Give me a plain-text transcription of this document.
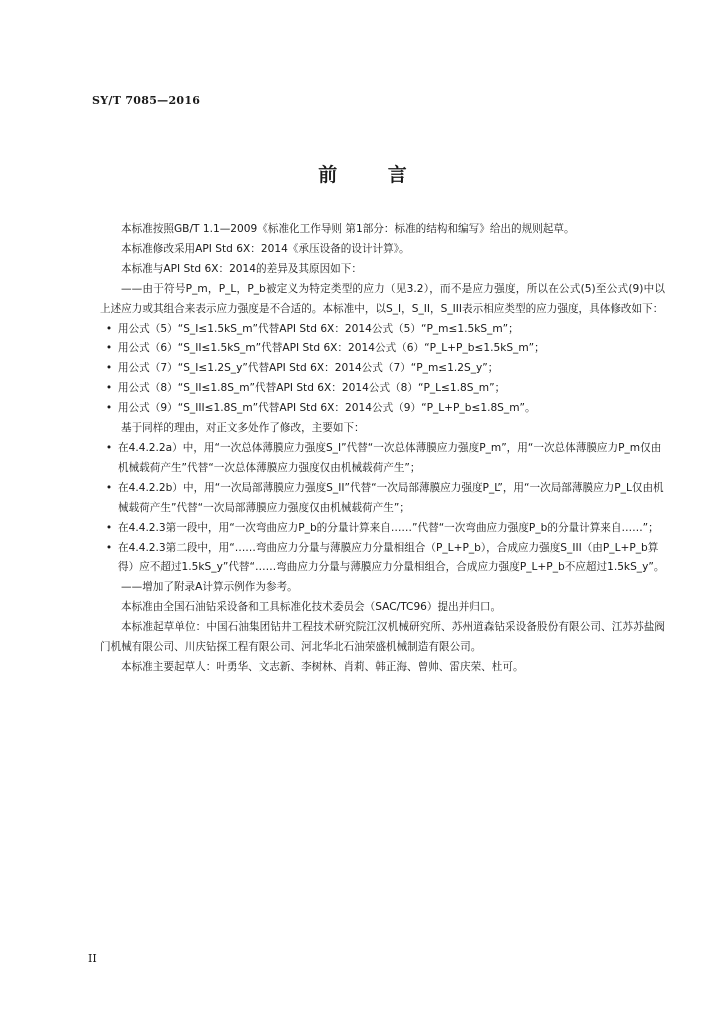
SY/T 7085—2016
前 言

本标准按照GB/T 1.1—2009《标准化工作导则 第1部分：标准的结构和编写》给出的规则起草。

本标准修改采用API Std 6X：2014《承压设备的设计计算》。

本标准与API Std 6X：2014的差异及其原因如下：

——由于符号P_m，P_L，P_b被定义为特定类型的应力（见3.2），而不是应力强度，所以在公式(5)至公式(9)中以上述应力或其组合来表示应力强度是不合适的。本标准中，以S_I，S_II，S_III表示相应类型的应力强度，具体修改如下：

• 用公式（5）“S_I≤1.5kS_m”代替API Std 6X：2014公式（5）“P_m≤1.5kS_m”；
• 用公式（6）“S_II≤1.5kS_m”代替API Std 6X：2014公式（6）“P_L+P_b≤1.5kS_m”；
• 用公式（7）“S_I≤1.2S_y”代替API Std 6X：2014公式（7）“P_m≤1.2S_y”；
• 用公式（8）“S_II≤1.8S_m”代替API Std 6X：2014公式（8）“P_L≤1.8S_m”；
• 用公式（9）“S_III≤1.8S_m”代替API Std 6X：2014公式（9）“P_L+P_b≤1.8S_m”。

基于同样的理由，对正文多处作了修改，主要如下：

• 在4.4.2.2a）中，用“一次总体薄膜应力强度S_I”代替“一次总体薄膜应力强度P_m”，用“一次总体薄膜应力P_m仅由机械载荷产生”代替“一次总体薄膜应力强度仅由机械载荷产生”；
• 在4.4.2.2b）中，用“一次局部薄膜应力强度S_II”代替“一次局部薄膜应力强度P_L”，用“一次局部薄膜应力P_L仅由机械载荷产生”代替“一次局部薄膜应力强度仅由机械载荷产生”；
• 在4.4.2.3第一段中，用“一次弯曲应力P_b的分量计算来自……”代替“一次弯曲应力强度P_b的分量计算来自……”；
• 在4.4.2.3第二段中，用“……弯曲应力分量与薄膜应力分量相组合（P_L+P_b），合成应力强度S_III（由P_L+P_b算得）应不超过1.5kS_y”代替“……弯曲应力分量与薄膜应力分量相组合，合成应力强度P_L+P_b不应超过1.5kS_y”。

——增加了附录A计算示例作为参考。

本标准由全国石油钻采设备和工具标准化技术委员会（SAC/TC96）提出并归口。

本标准起草单位：中国石油集团钻井工程技术研究院江汉机械研究所、苏州道森钻采设备股份有限公司、江苏苏盐阀门机械有限公司、川庆钻探工程有限公司、河北华北石油荣盛机械制造有限公司。

本标准主要起草人：叶勇华、文志新、李树林、肖莉、韩正海、曾帅、雷庆荣、杜可。

II
